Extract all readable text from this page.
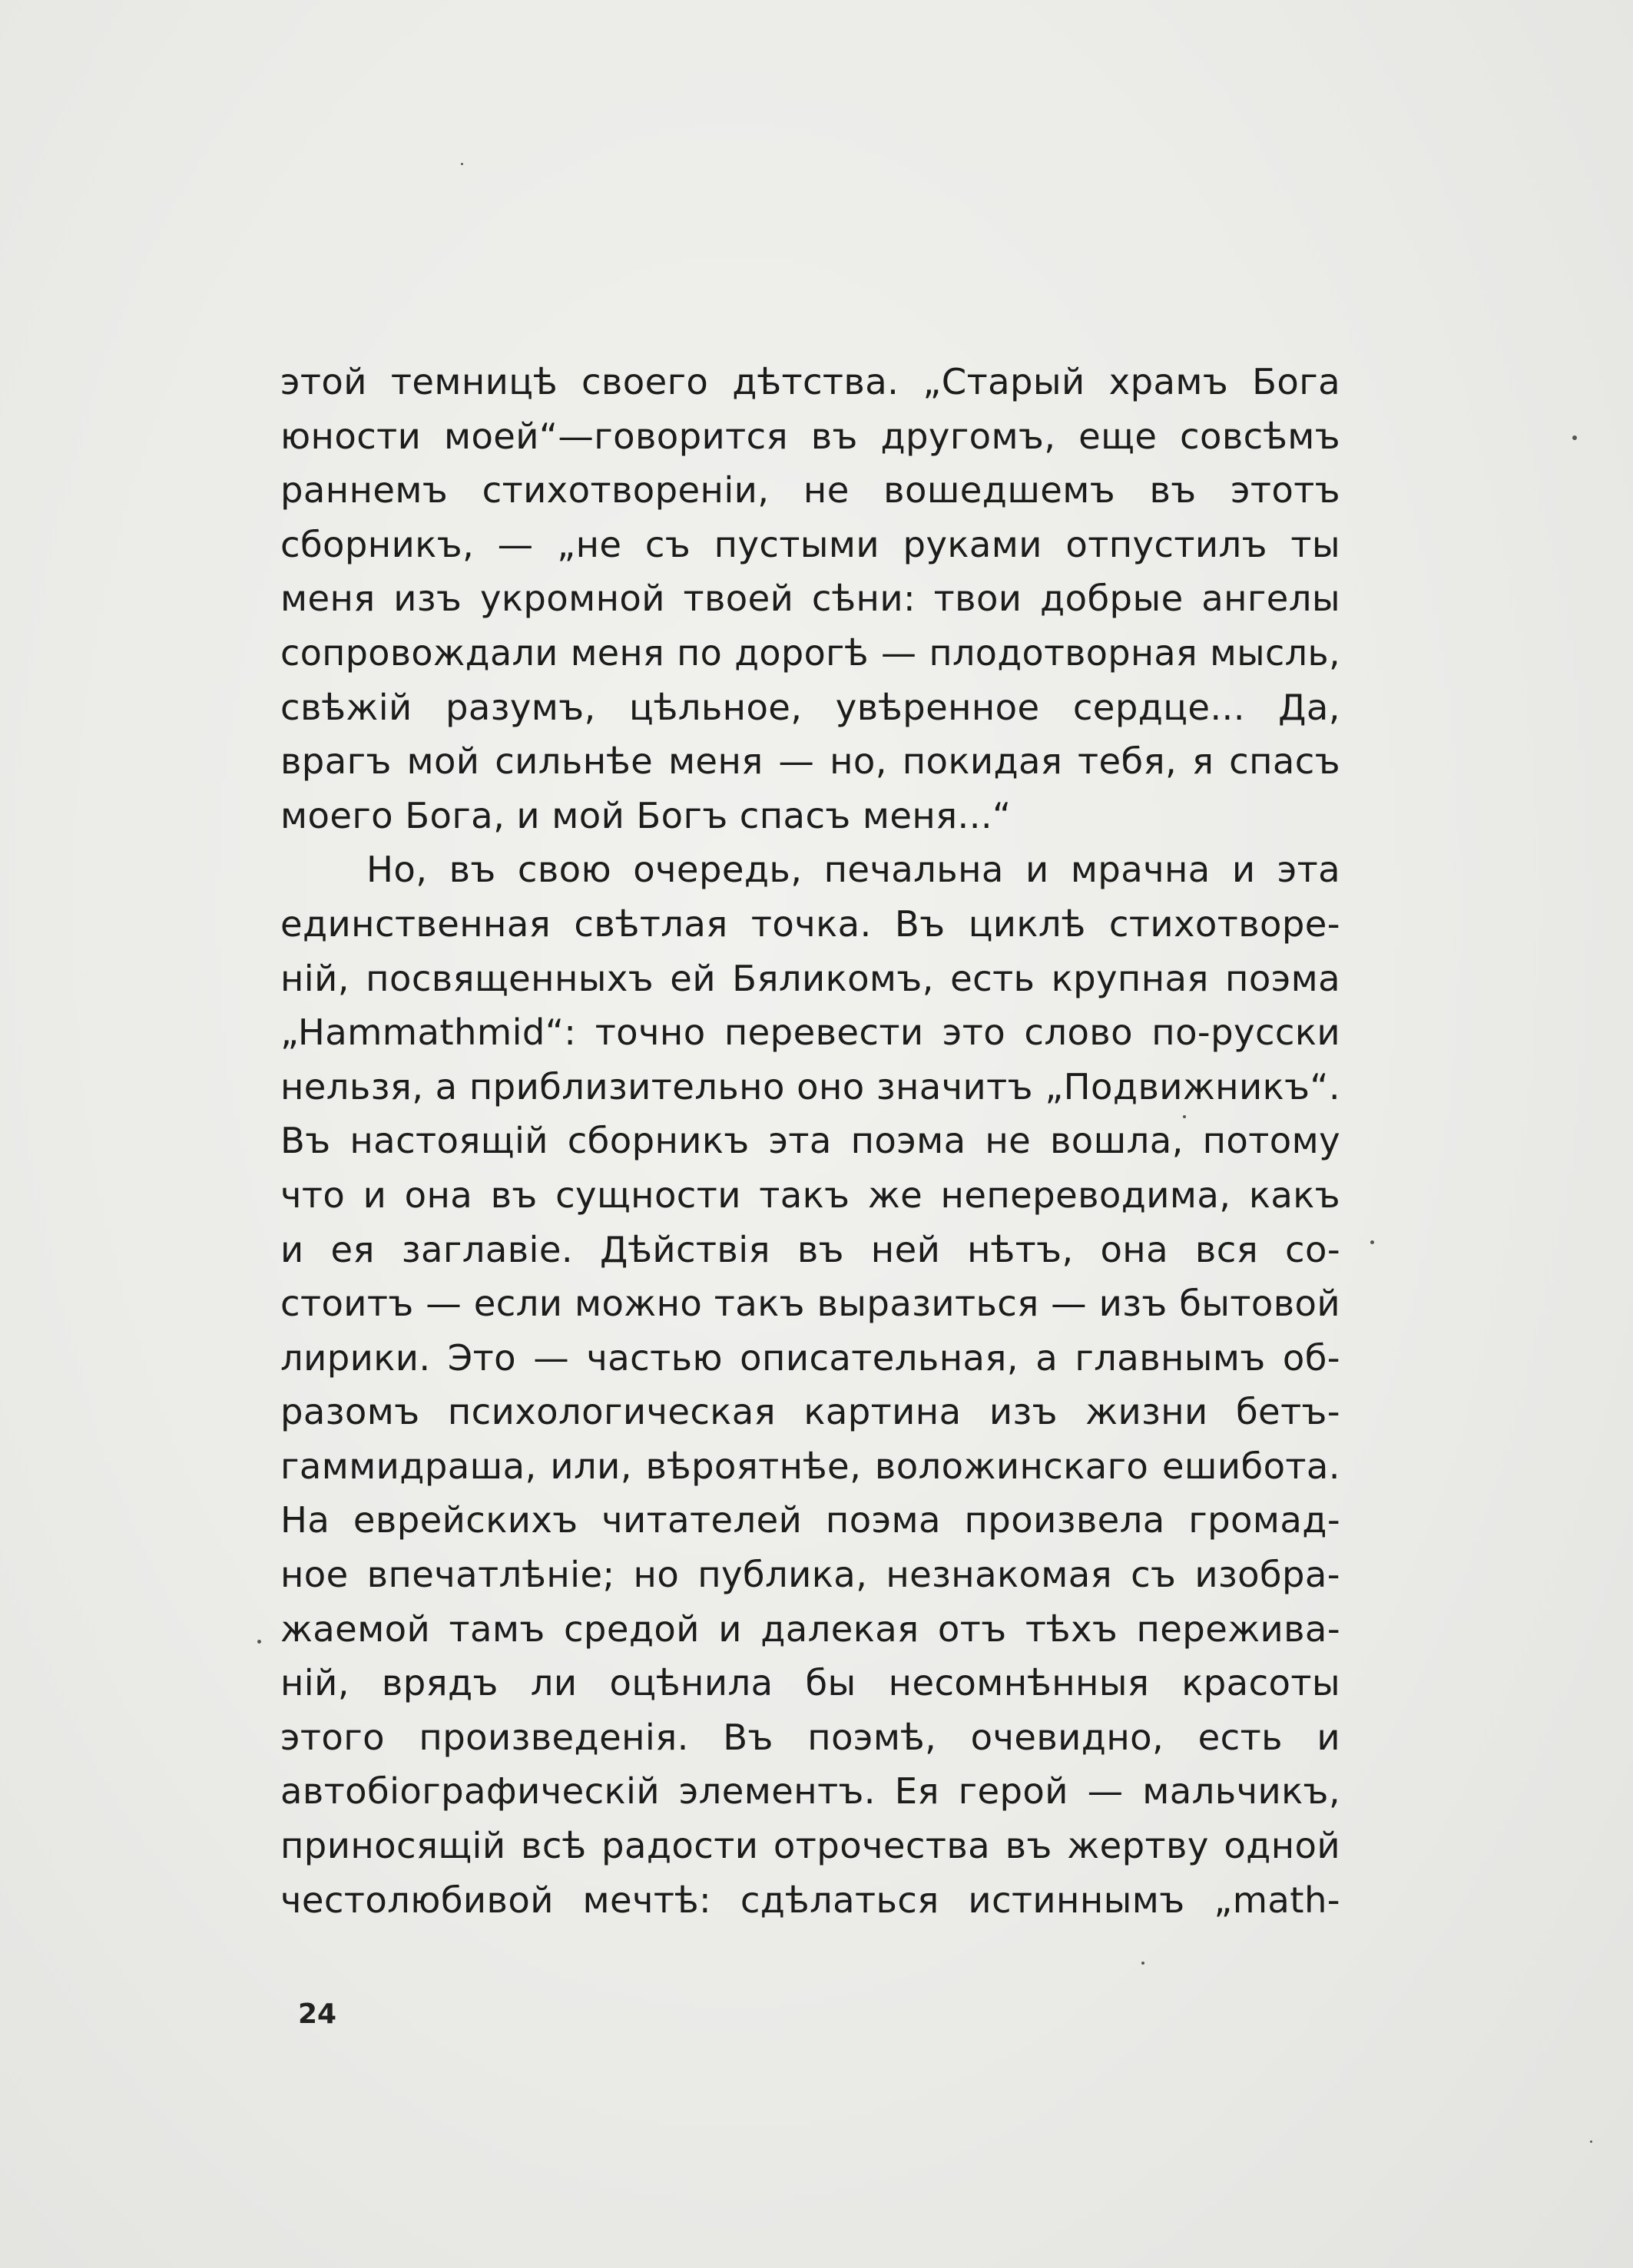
этой темницѣ своего дѣтства. „Старый храмъ Бога
юности моей“—говорится въ другомъ, еще совсѣмъ
раннемъ стихотвореніи, не вошедшемъ въ этотъ
сборникъ, — „не съ пустыми руками отпустилъ ты
меня изъ укромной твоей сѣни: твои добрые ангелы
сопровождали меня по дорогѣ — плодотворная мысль,
свѣжій разумъ, цѣльное, увѣренное сердце... Да,
врагъ мой сильнѣе меня — но, покидая тебя, я спасъ
моего Бога, и мой Богъ спасъ меня...“
Но, въ свою очередь, печальна и мрачна и эта
единственная свѣтлая точка. Въ циклѣ стихотворе-
ній, посвященныхъ ей Бяликомъ, есть крупная поэма
„Hammathmid“: точно перевести это слово по-русски
нельзя, а приблизительно оно значитъ „Подвижникъ“.
Въ настоящій сборникъ эта поэма не вошла, потому
что и она въ сущности такъ же непереводима, какъ
и ея заглавіе. Дѣйствія въ ней нѣтъ, она вся со-
стоитъ — если можно такъ выразиться — изъ бытовой
лирики. Это — частью описательная, а главнымъ об-
разомъ психологическая картина изъ жизни бетъ-
гаммидраша, или, вѣроятнѣе, воложинскаго ешибота.
На еврейскихъ читателей поэма произвела громад-
ное впечатлѣніе; но публика, незнакомая съ изобра-
жаемой тамъ средой и далекая отъ тѣхъ пережива-
ній, врядъ ли оцѣнила бы несомнѣнныя красоты
этого произведенія. Въ поэмѣ, очевидно, есть и
автобіографическій элементъ. Ея герой — мальчикъ,
приносящій всѣ радости отрочества въ жертву одной
честолюбивой мечтѣ: сдѣлаться истиннымъ „math-
24
